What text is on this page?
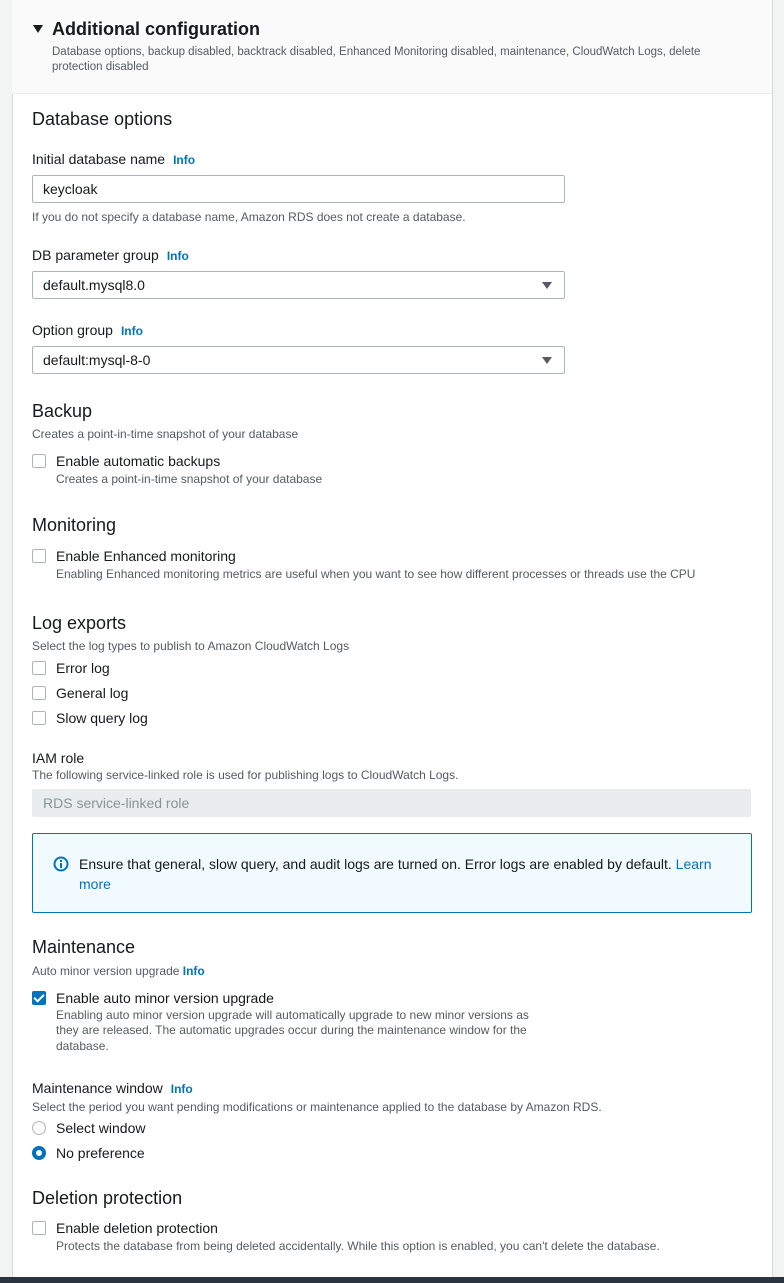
Additional configuration
Database options, backup disabled, backtrack disabled, Enhanced Monitoring disabled, maintenance, CloudWatch Logs, delete
protection disabled
Database options
Initial database name Info
keycloak
If you do not specify a database name, Amazon RDS does not create a database.
DB parameter group Info
default.mysql8.0
Option group Info
default:mysql-8-0
Backup
Creates a point-in-time snapshot of your database
Enable automatic backups
Creates a point-in-time snapshot of your database
Monitoring
Enable Enhanced monitoring
Enabling Enhanced monitoring metrics are useful when you want to see how different processes or threads use the CPU
Log exports
Select the log types to publish to Amazon CloudWatch Logs
Error log
General log
Slow query log
IAM role
The following service-linked role is used for publishing logs to CloudWatch Logs.
RDS service-linked role
Ensure that general, slow query, and audit logs are turned on. Error logs are enabled by default. Learn
more
Maintenance
Auto minor version upgrade Info
Enable auto minor version upgrade
Enabling auto minor version upgrade will automatically upgrade to new minor versions as
they are released. The automatic upgrades occur during the maintenance window for the
database.
Maintenance window Info
Select the period you want pending modifications or maintenance applied to the database by Amazon RDS.
Select window
No preference
Deletion protection
Enable deletion protection
Protects the database from being deleted accidentally. While this option is enabled, you can't delete the database.
